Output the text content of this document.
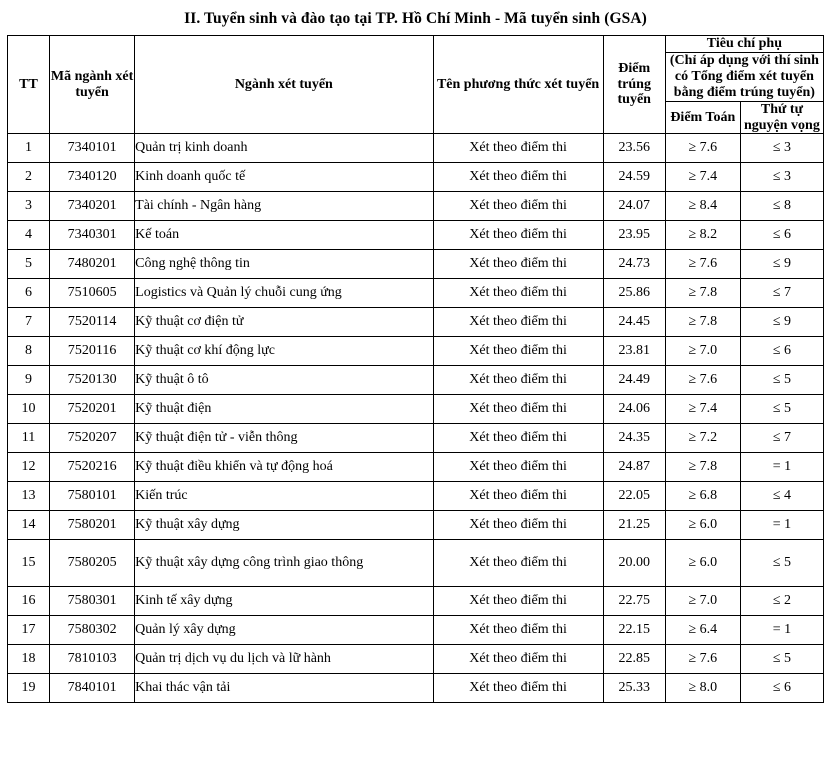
II. Tuyển sinh và đào tạo tại TP. Hồ Chí Minh - Mã tuyển sinh (GSA)
TT	Mã ngành xét tuyển	Ngành xét tuyển	Tên phương thức xét tuyển	Điểm trúng tuyển	Tiêu chí phụ	
					(Chỉ áp dụng với thí sinh có Tổng điểm xét tuyển bằng điểm trúng tuyển)	
					Điểm Toán	Thứ tự nguyện vọng
1	7340101	Quản trị kinh doanh	Xét theo điểm thi	23.56	≥ 7.6	≤ 3
2	7340120	Kinh doanh quốc tế	Xét theo điểm thi	24.59	≥ 7.4	≤ 3
3	7340201	Tài chính - Ngân hàng	Xét theo điểm thi	24.07	≥ 8.4	≤ 8
4	7340301	Kế toán	Xét theo điểm thi	23.95	≥ 8.2	≤ 6
5	7480201	Công nghệ thông tin	Xét theo điểm thi	24.73	≥ 7.6	≤ 9
6	7510605	Logistics và Quản lý chuỗi cung ứng	Xét theo điểm thi	25.86	≥ 7.8	≤ 7
7	7520114	Kỹ thuật cơ điện tử	Xét theo điểm thi	24.45	≥ 7.8	≤ 9
8	7520116	Kỹ thuật cơ khí động lực	Xét theo điểm thi	23.81	≥ 7.0	≤ 6
9	7520130	Kỹ thuật ô tô	Xét theo điểm thi	24.49	≥ 7.6	≤ 5
10	7520201	Kỹ thuật điện	Xét theo điểm thi	24.06	≥ 7.4	≤ 5
11	7520207	Kỹ thuật điện tử - viễn thông	Xét theo điểm thi	24.35	≥ 7.2	≤ 7
12	7520216	Kỹ thuật điều khiển và tự động hoá	Xét theo điểm thi	24.87	≥ 7.8	= 1
13	7580101	Kiến trúc	Xét theo điểm thi	22.05	≥ 6.8	≤ 4
14	7580201	Kỹ thuật xây dựng	Xét theo điểm thi	21.25	≥ 6.0	= 1
15	7580205	Kỹ thuật xây dựng công trình giao thông	Xét theo điểm thi	20.00	≥ 6.0	≤ 5
16	7580301	Kinh tế xây dựng	Xét theo điểm thi	22.75	≥ 7.0	≤ 2
17	7580302	Quản lý xây dựng	Xét theo điểm thi	22.15	≥ 6.4	= 1
18	7810103	Quản trị dịch vụ du lịch và lữ hành	Xét theo điểm thi	22.85	≥ 7.6	≤ 5
19	7840101	Khai thác vận tải	Xét theo điểm thi	25.33	≥ 8.0	≤ 6
